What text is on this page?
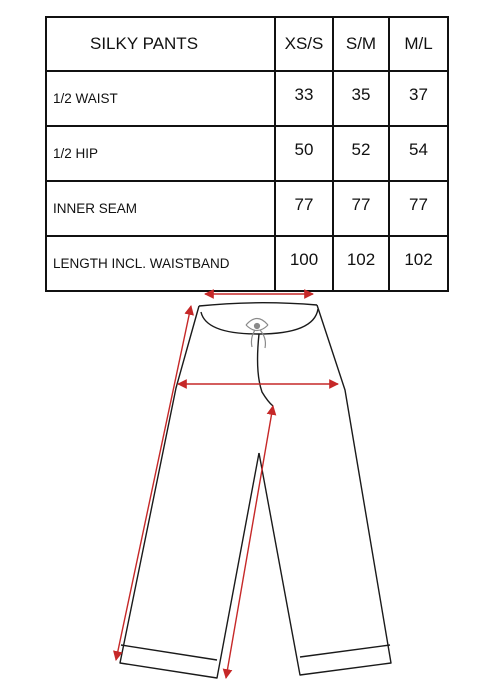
SILKY PANTS	XS/S	S/M	M/L
1/2 WAIST	33	35	37
1/2 HIP	50	52	54
INNER SEAM	77	77	77
LENGTH INCL. WAISTBAND	100	102	102
